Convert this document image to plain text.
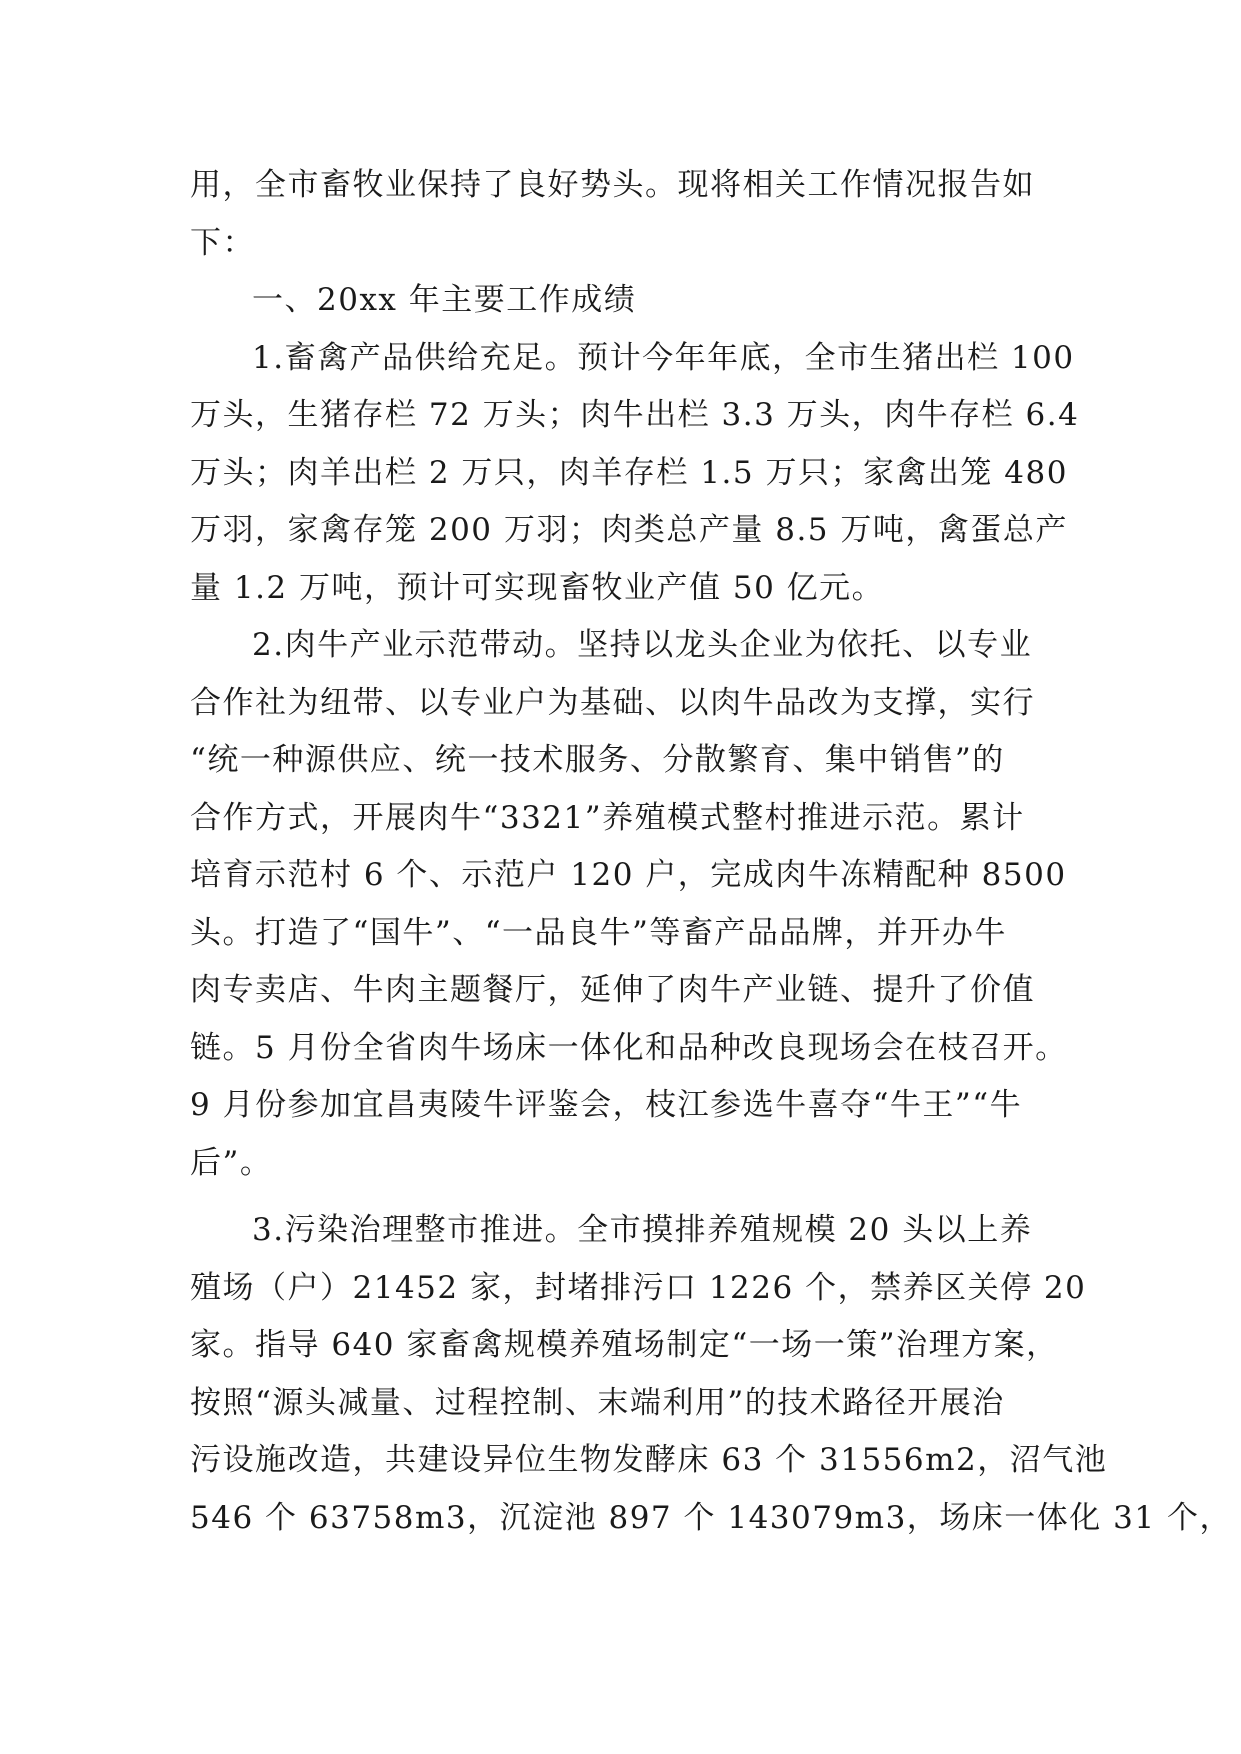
用，全市畜牧业保持了良好势头。现将相关工作情况报告如
下：
一、20xx 年主要工作成绩
1.畜禽产品供给充足。预计今年年底，全市生猪出栏 100
万头，生猪存栏 72 万头；肉牛出栏 3.3 万头，肉牛存栏 6.4
万头；肉羊出栏 2 万只，肉羊存栏 1.5 万只；家禽出笼 480
万羽，家禽存笼 200 万羽；肉类总产量 8.5 万吨，禽蛋总产
量 1.2 万吨，预计可实现畜牧业产值 50 亿元。
2.肉牛产业示范带动。坚持以龙头企业为依托、以专业
合作社为纽带、以专业户为基础、以肉牛品改为支撑，实行
“统一种源供应、统一技术服务、分散繁育、集中销售”的
合作方式，开展肉牛“3321”养殖模式整村推进示范。累计
培育示范村 6 个、示范户 120 户，完成肉牛冻精配种 8500
头。打造了“国牛”、“一品良牛”等畜产品品牌，并开办牛
肉专卖店、牛肉主题餐厅，延伸了肉牛产业链、提升了价值
链。5 月份全省肉牛场床一体化和品种改良现场会在枝召开。
9 月份参加宜昌夷陵牛评鉴会，枝江参选牛喜夺“牛王”“牛
后”。
3.污染治理整市推进。全市摸排养殖规模 20 头以上养
殖场（户）21452 家，封堵排污口 1226 个，禁养区关停 20
家。指导 640 家畜禽规模养殖场制定“一场一策”治理方案，
按照“源头减量、过程控制、末端利用”的技术路径开展治
污设施改造，共建设异位生物发酵床 63 个 31556m2，沼气池
546 个 63758m3，沉淀池 897 个 143079m3，场床一体化 31 个，
